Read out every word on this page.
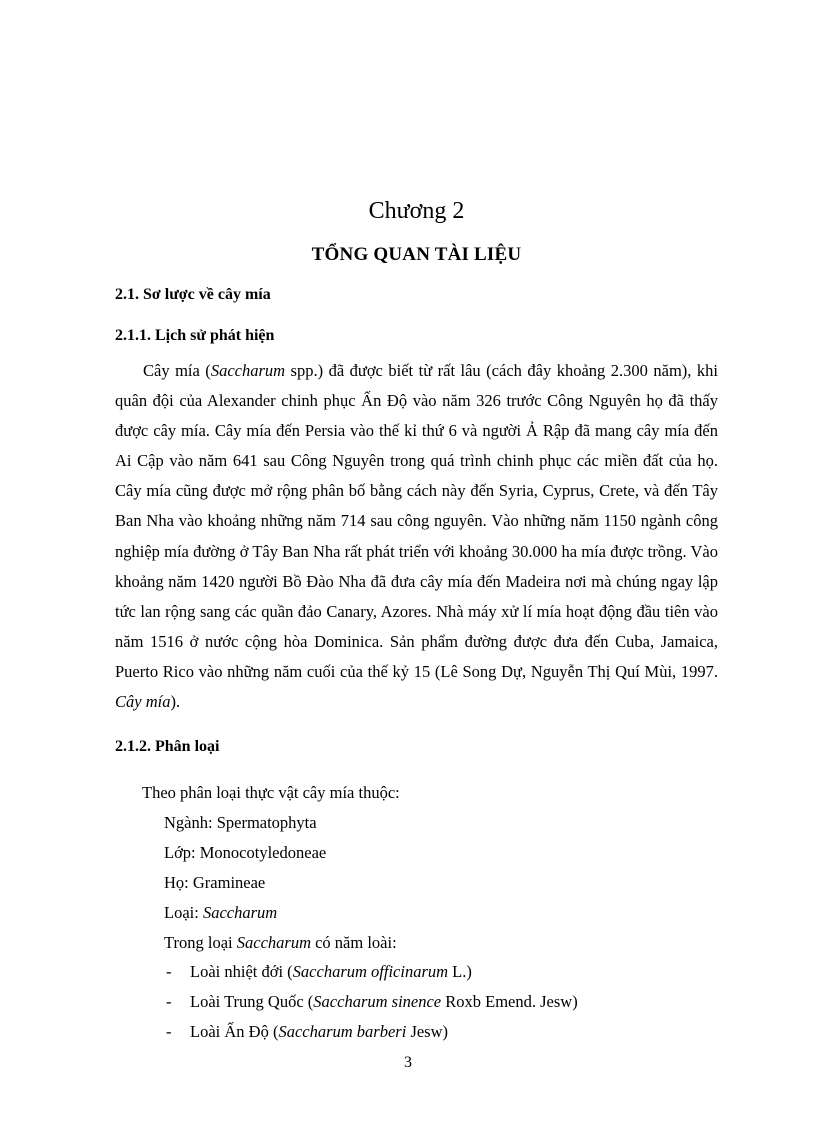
Chương 2
TỔNG QUAN TÀI LIỆU
2.1. Sơ lược về cây mía
2.1.1. Lịch sử phát hiện

Cây mía (Saccharum spp.) đã được biết từ rất lâu (cách đây khoảng 2.300 năm), khi quân đội của Alexander chinh phục Ấn Độ vào năm 326 trước Công Nguyên họ đã thấy được cây mía. Cây mía đến Persia vào thế kỉ thứ 6 và người Ả Rập đã mang cây mía đến Ai Cập vào năm 641 sau Công Nguyên trong quá trình chinh phục các miền đất của họ. Cây mía cũng được mở rộng phân bố bằng cách này đến Syria, Cyprus, Crete, và đến Tây Ban Nha vào khoảng những năm 714 sau công nguyên. Vào những năm 1150 ngành công nghiệp mía đường ở Tây Ban Nha rất phát triển với khoảng 30.000 ha mía được trồng. Vào khoảng năm 1420 người Bồ Đào Nha đã đưa cây mía đến Madeira nơi mà chúng ngay lập tức lan rộng sang các quần đảo Canary, Azores. Nhà máy xử lí mía hoạt động đầu tiên vào năm 1516 ở nước cộng hòa Dominica. Sản phẩm đường được đưa đến Cuba, Jamaica, Puerto Rico vào những năm cuối của thế kỷ 15 (Lê Song Dự, Nguyễn Thị Quí Mùi, 1997. Cây mía).

2.1.2. Phân loại
Theo phân loại thực vật cây mía thuộc:
Ngành: Spermatophyta
Lớp: Monocotyledoneae
Họ: Gramineae
Loại: Saccharum
Trong loại Saccharum có năm loài:
- Loài nhiệt đới (Saccharum officinarum L.)
- Loài Trung Quốc (Saccharum sinence Roxb Emend. Jesw)
- Loài Ấn Độ (Saccharum barberi Jesw)
3
